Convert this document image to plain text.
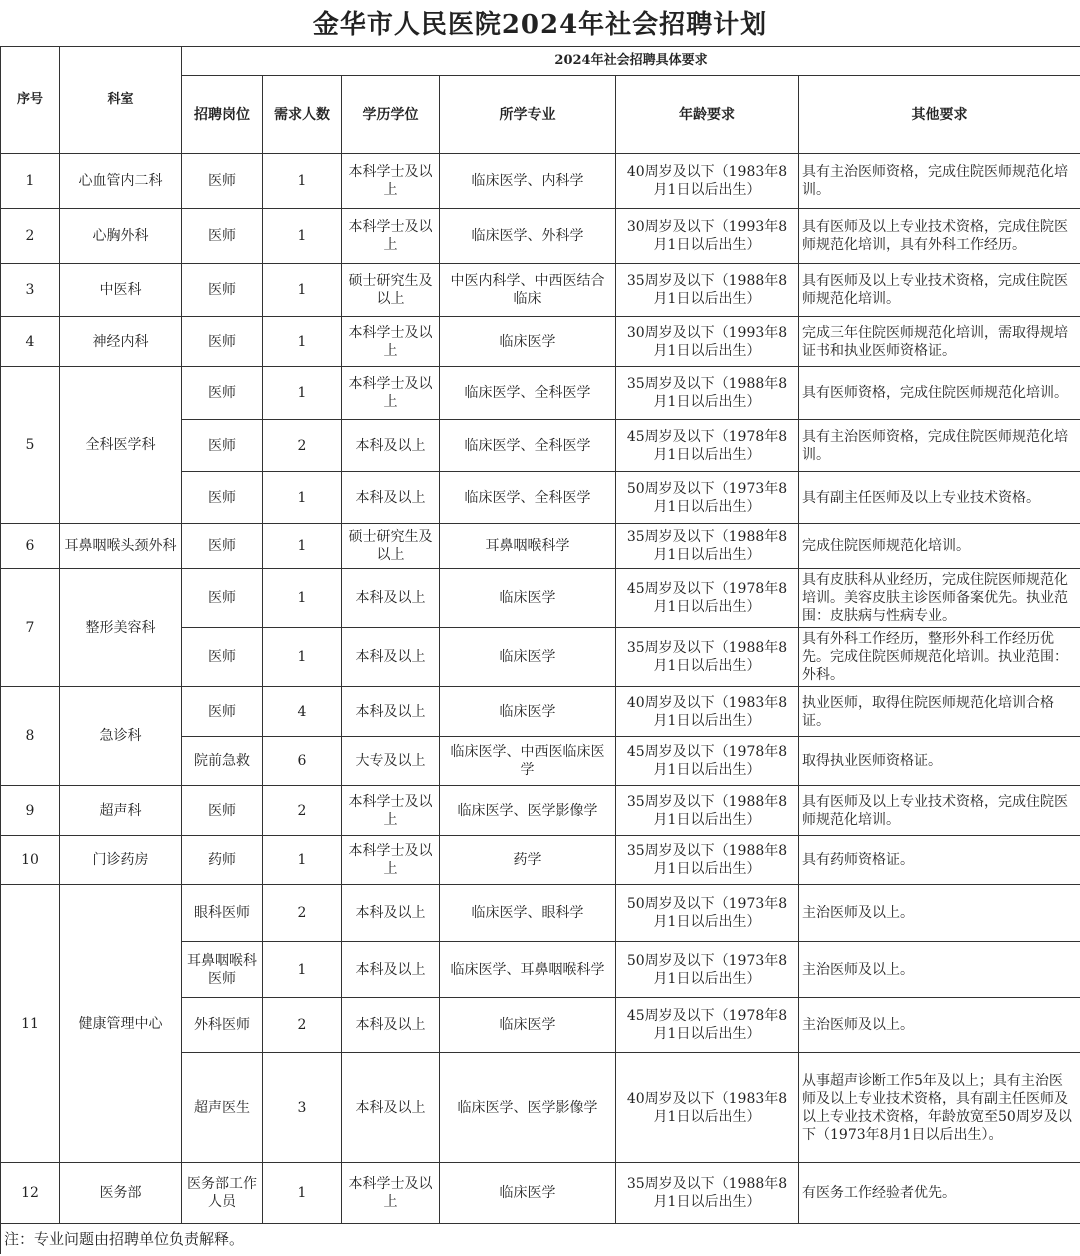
金华市人民医院2024年社会招聘计划
序号	科室	2024年社会招聘具体要求					
		招聘岗位	需求人数	学历学位	所学专业	年龄要求	其他要求
1	心血管内二科	医师	1	本科学士及以上	临床医学、内科学	40周岁及以下（1983年8月1日以后出生）	具有主治医师资格，完成住院医师规范化培训。
2	心胸外科	医师	1	本科学士及以上	临床医学、外科学	30周岁及以下（1993年8月1日以后出生）	具有医师及以上专业技术资格，完成住院医师规范化培训，具有外科工作经历。
3	中医科	医师	1	硕士研究生及以上	中医内科学、中西医结合临床	35周岁及以下（1988年8月1日以后出生）	具有医师及以上专业技术资格，完成住院医师规范化培训。
4	神经内科	医师	1	本科学士及以上	临床医学	30周岁及以下（1993年8月1日以后出生）	完成三年住院医师规范化培训，需取得规培证书和执业医师资格证。
5	全科医学科	医师	1	本科学士及以上	临床医学、全科医学	35周岁及以下（1988年8月1日以后出生）	具有医师资格，完成住院医师规范化培训。
		医师	2	本科及以上	临床医学、全科医学	45周岁及以下（1978年8月1日以后出生）	具有主治医师资格，完成住院医师规范化培训。
		医师	1	本科及以上	临床医学、全科医学	50周岁及以下（1973年8月1日以后出生）	具有副主任医师及以上专业技术资格。
6	耳鼻咽喉头颈外科	医师	1	硕士研究生及以上	耳鼻咽喉科学	35周岁及以下（1988年8月1日以后出生）	完成住院医师规范化培训。
7	整形美容科	医师	1	本科及以上	临床医学	45周岁及以下（1978年8月1日以后出生）	具有皮肤科从业经历，完成住院医师规范化培训。美容皮肤主诊医师备案优先。执业范围：皮肤病与性病专业。
		医师	1	本科及以上	临床医学	35周岁及以下（1988年8月1日以后出生）	具有外科工作经历，整形外科工作经历优先。完成住院医师规范化培训。执业范围：外科。
8	急诊科	医师	4	本科及以上	临床医学	40周岁及以下（1983年8月1日以后出生）	执业医师，取得住院医师规范化培训合格证。
		院前急救	6	大专及以上	临床医学、中西医临床医学	45周岁及以下（1978年8月1日以后出生）	取得执业医师资格证。
9	超声科	医师	2	本科学士及以上	临床医学、医学影像学	35周岁及以下（1988年8月1日以后出生）	具有医师及以上专业技术资格，完成住院医师规范化培训。
10	门诊药房	药师	1	本科学士及以上	药学	35周岁及以下（1988年8月1日以后出生）	具有药师资格证。
11	健康管理中心	眼科医师	2	本科及以上	临床医学、眼科学	50周岁及以下（1973年8月1日以后出生）	主治医师及以上。
		耳鼻咽喉科医师	1	本科及以上	临床医学、耳鼻咽喉科学	50周岁及以下（1973年8月1日以后出生）	主治医师及以上。
		外科医师	2	本科及以上	临床医学	45周岁及以下（1978年8月1日以后出生）	主治医师及以上。
		超声医生	3	本科及以上	临床医学、医学影像学	40周岁及以下（1983年8月1日以后出生）	从事超声诊断工作5年及以上；具有主治医师及以上专业技术资格，具有副主任医师及以上专业技术资格，年龄放宽至50周岁及以下（1973年8月1日以后出生）。
12	医务部	医务部工作人员	1	本科学士及以上	临床医学	35周岁及以下（1988年8月1日以后出生）	有医务工作经验者优先。
注：专业问题由招聘单位负责解释。							
